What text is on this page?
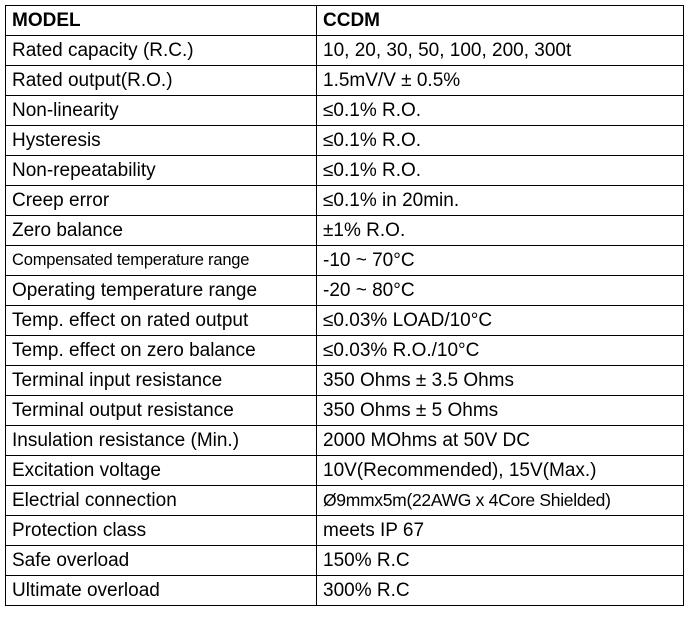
MODEL	CCDM
Rated capacity (R.C.)	10, 20, 30, 50, 100, 200, 300t
Rated output(R.O.)	1.5mV/V ± 0.5%
Non-linearity	≤0.1% R.O.
Hysteresis	≤0.1% R.O.
Non-repeatability	≤0.1% R.O.
Creep error	≤0.1% in 20min.
Zero balance	±1% R.O.
Compensated temperature range	-10 ~ 70°C
Operating temperature range	-20 ~ 80°C
Temp. effect on rated output	≤0.03% LOAD/10°C
Temp. effect on zero balance	≤0.03% R.O./10°C
Terminal input resistance	350 Ohms ± 3.5 Ohms
Terminal output resistance	350 Ohms ± 5 Ohms
Insulation resistance (Min.)	2000 MOhms at 50V DC
Excitation voltage	10V(Recommended), 15V(Max.)
Electrial connection	Ø9mmx5m(22AWG x 4Core Shielded)
Protection class	meets IP 67
Safe overload	150% R.C
Ultimate overload	300% R.C
